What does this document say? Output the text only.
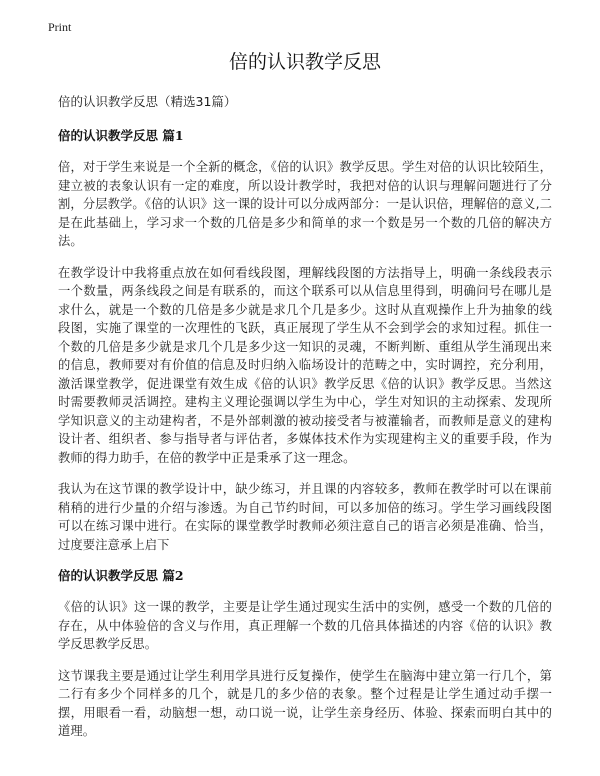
Print
倍的认识教学反思
倍的认识教学反思（精选31篇）
倍的认识教学反思 篇1

倍，对于学生来说是一个全新的概念，《倍的认识》教学反思。学生对倍的认识比较陌生，建立被的表象认识有一定的难度，所以设计教学时，我把对倍的认识与理解问题进行了分割，分层教学。《倍的认识》这一课的设计可以分成两部分：一是认识倍，理解倍的意义,二是在此基础上，学习求一个数的几倍是多少和简单的求一个数是另一个数的几倍的解决方法。

在教学设计中我将重点放在如何看线段图，理解线段图的方法指导上，明确一条线段表示一个数量，两条线段之间是有联系的，而这个联系可以从信息里得到，明确问号在哪儿是求什么，就是一个数的几倍是多少就是求几个几是多少。这时从直观操作上升为抽象的线段图，实施了课堂的一次理性的飞跃，真正展现了学生从不会到学会的求知过程。抓住一个数的几倍是多少就是求几个几是多少这一知识的灵魂，不断判断、重组从学生涌现出来的信息，教师要对有价值的信息及时归纳入临场设计的范畴之中，实时调控，充分利用，激活课堂教学，促进课堂有效生成《倍的认识》教学反思《倍的认识》教学反思。当然这时需要教师灵活调控。建构主义理论强调以学生为中心，学生对知识的主动探索、发现所学知识意义的主动建构者，不是外部刺激的被动接受者与被灌输者，而教师是意义的建构设计者、组织者、参与指导者与评估者，多媒体技术作为实现建构主义的重要手段，作为教师的得力助手，在倍的教学中正是秉承了这一理念。

我认为在这节课的教学设计中，缺少练习，并且课的内容较多，教师在教学时可以在课前稍稍的进行少量的介绍与渗透。为自己节约时间，可以多加倍的练习。学生学习画线段图可以在练习课中进行。在实际的课堂教学时教师必须注意自己的语言必须是准确、恰当，过度要注意承上启下

倍的认识教学反思 篇2

《倍的认识》这一课的教学，主要是让学生通过现实生活中的实例，感受一个数的几倍的存在，从中体验倍的含义与作用，真正理解一个数的几倍具体描述的内容《倍的认识》教学反思教学反思。

这节课我主要是通过让学生利用学具进行反复操作，使学生在脑海中建立第一行几个，第二行有多少个同样多的几个，就是几的多少倍的表象。整个过程是让学生通过动手摆一摆，用眼看一看，动脑想一想，动口说一说，让学生亲身经历、体验、探索而明白其中的道理。
